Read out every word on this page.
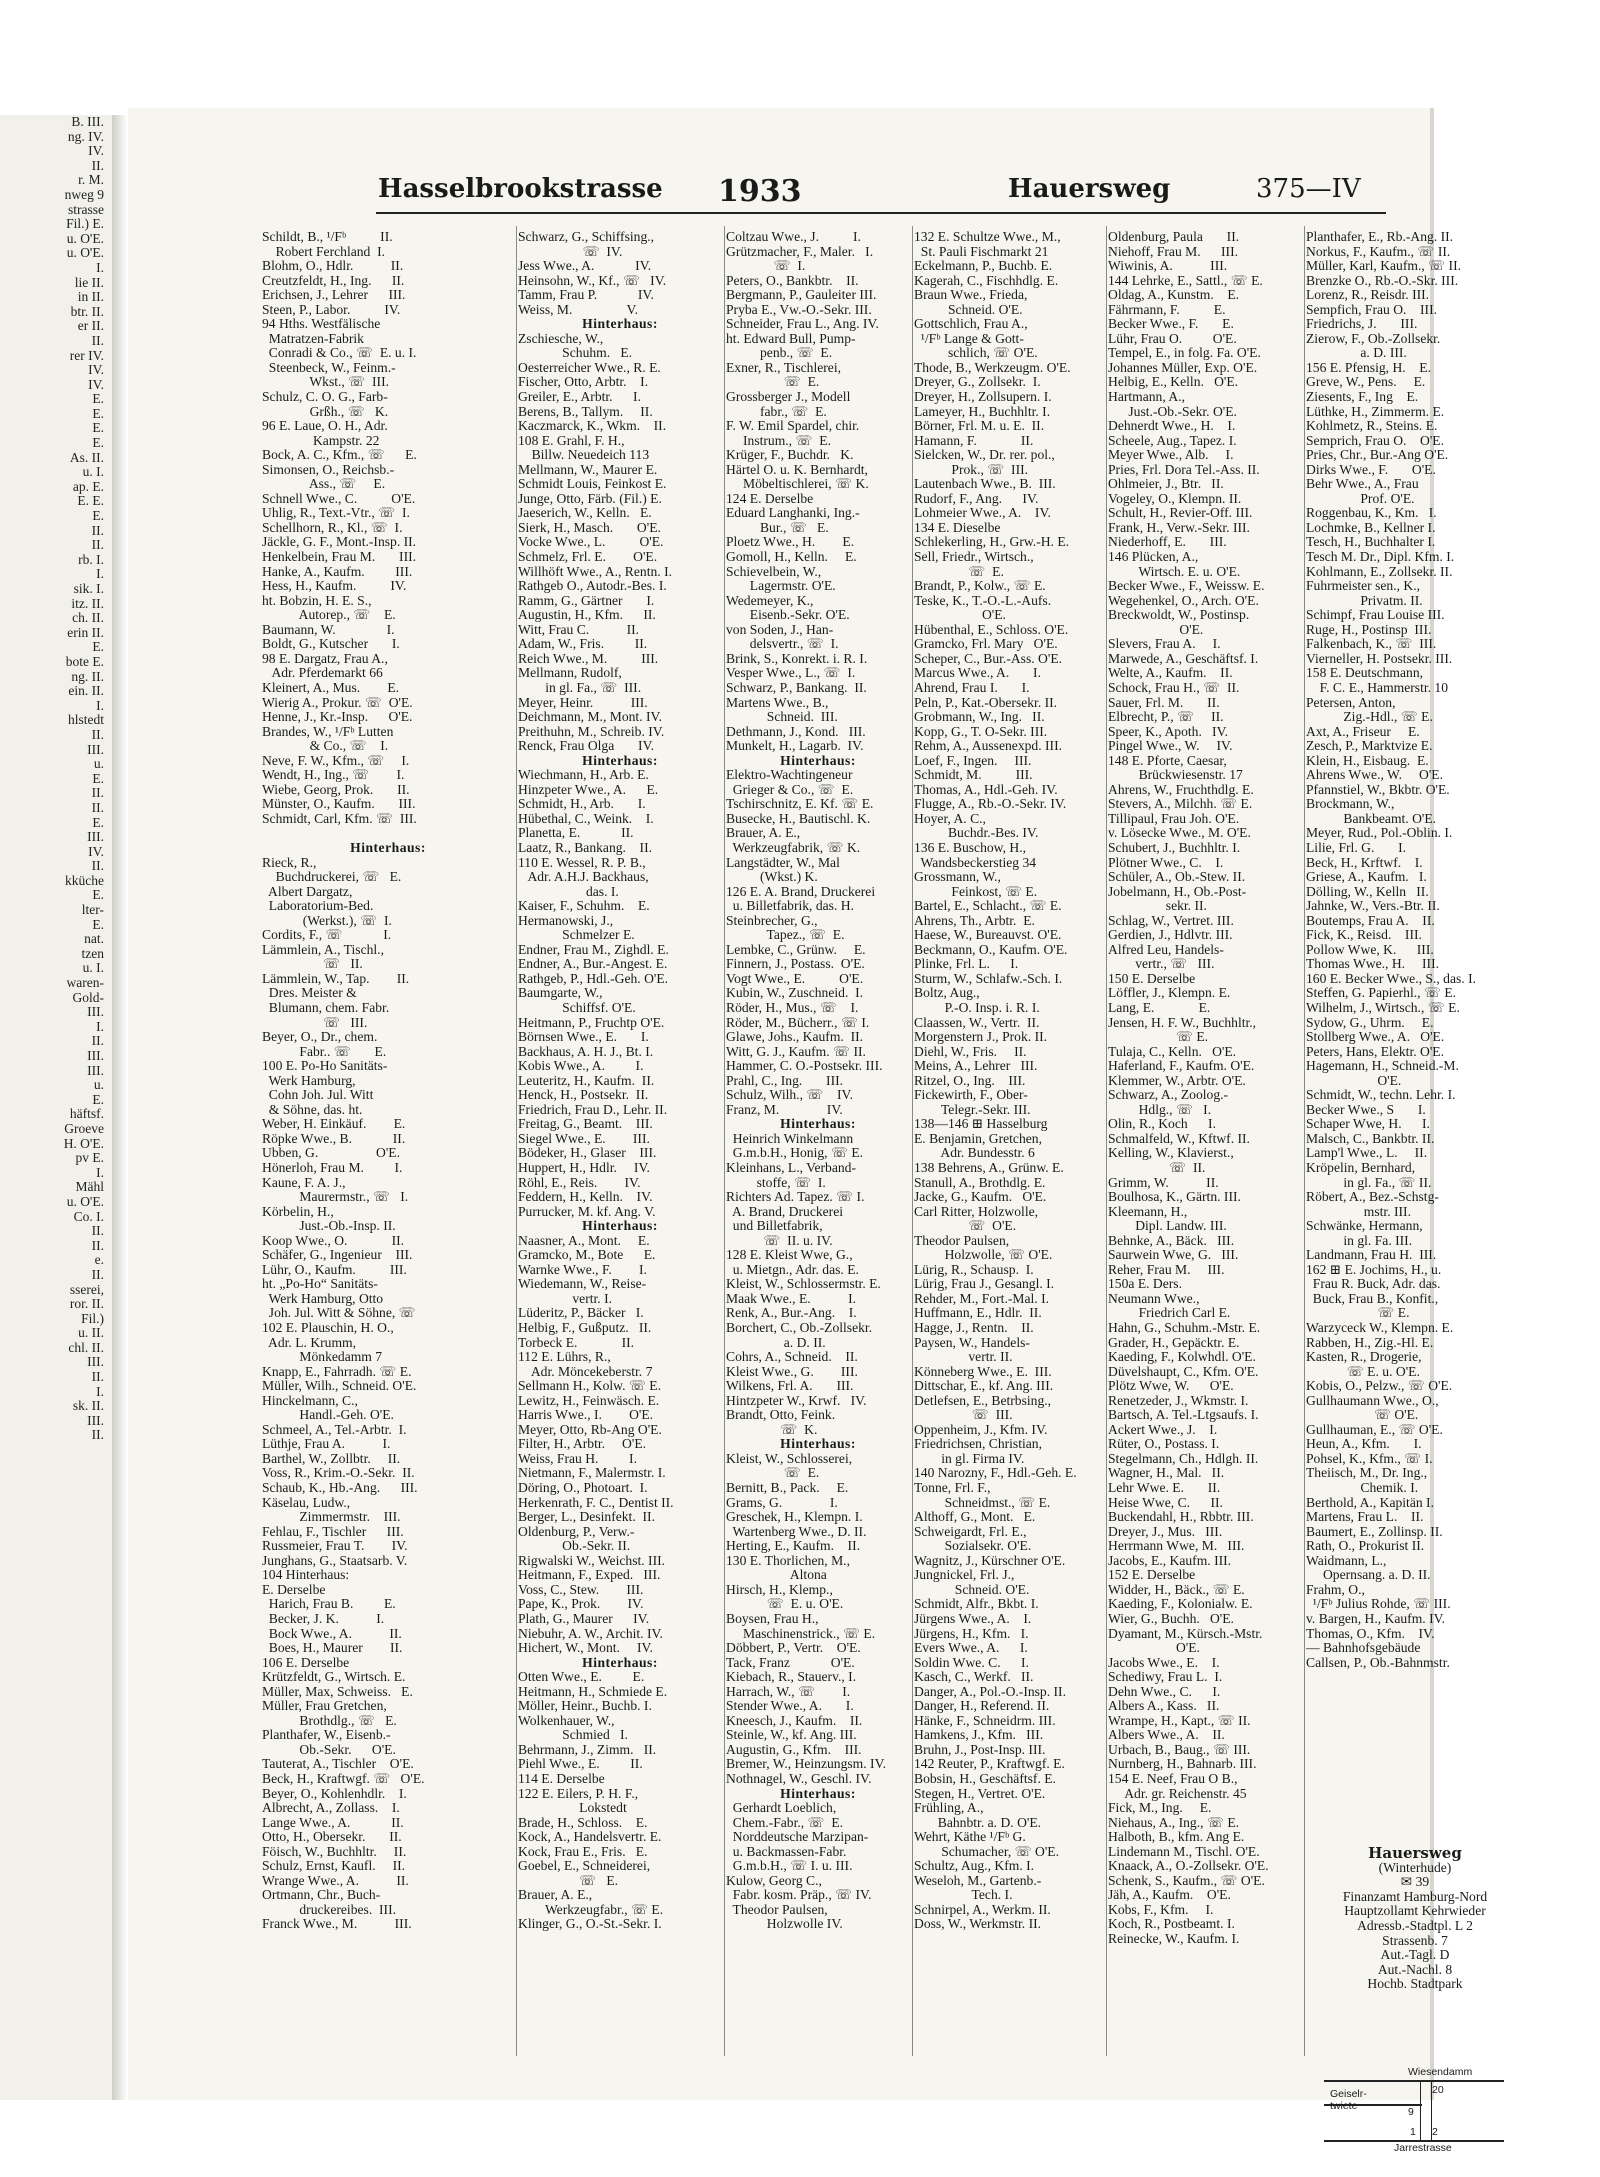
B. III.
ng. IV.
IV.
II.
r. M.
nweg 9
strasse
Fil.) E.
u. O'E.
u. O'E.
I.
lie II.
in II.
btr. II.
er II.
II.
rer IV.
IV.
IV.
E.
E.
E.
E.
As. II.
u. I.
ap. E.
E. E.
E.
II.
II.
rb. I.
I.
sik. I.
itz. II.
ch. II.
erin II.
E.
bote E.
ng. II.
ein. II.
I.
hlstedt
II.
III.
u.
E.
II.
II.
E.
III.
IV.
II.
kküche
E.
lter-
E.
nat.
tzen
u. I.
waren-
Gold-
III.
I.
II.
III.
III.
u.
E.
häftsf.
Groeve
H. O'E.
pv E.
I.
Mähl
u. O'E.
Co. I.
II.
II.
e.
II.
sserei,
ror. II.
Fil.)
u. II.
chl. II.
III.
II.
I.
sk. II.
III.
II.
Hasselbrookstrasse 1933	Hauersweg	375—IV
Schildt, B., ¹/Fᵇ          II.
Robert Ferchland  I.
Blohm, O., Hdlr.           II.
Creutzfeldt, H., Ing.      II.
Erichsen, J., Lehrer      III.
Steen, P., Labor.          IV.
94 Hths. Westfälische
Matratzen-Fabrik
Conradi & Co., ☏  E. u. I.
Steenbeck, W., Feinm.-
Wkst., ☏  III.
Schulz, C. O. G., Farb-
Grßh., ☏   K.
96 E. Laue, O. H., Adr.
Kampstr. 22
Bock, A. C., Kfm., ☏      E.
Simonsen, O., Reichsb.-
Ass., ☏     E.
Schnell Wwe., C.          O'E.
Uhlig, R., Text.-Vtr., ☏  I.
Schellhorn, R., Kl., ☏  I.
Jäckle, G. F., Mont.-Insp. II.
Henkelbein, Frau M.       III.
Hanke, A., Kaufm.         III.
Hess, H., Kaufm.          IV.
ht. Bobzin, H. E. S.,
Autorep., ☏    E.
Baumann, W.               I.
Boldt, G., Kutscher       I.
98 E. Dargatz, Frau A.,
Adr. Pferdemarkt 66
Kleinert, A., Mus.        E.
Wierig A., Prokur. ☏  O'E.
Henne, J., Kr.-Insp.      O'E.
Brandes, W., ¹/Fᵇ Lutten
& Co., ☏    I.
Neve, F. W., Kfm., ☏     I.
Wendt, H., Ing., ☏        I.
Wiebe, Georg, Prok.       II.
Münster, O., Kaufm.       III.
Schmidt, Carl, Kfm. ☏  III.
Hinterhaus:
Rieck, R.,
Buchdruckerei, ☏   E.
Albert Dargatz,
Laboratorium-Bed.
(Werkst.), ☏  I.
Cordits, F., ☏            I.
Lämmlein, A., Tischl.,
☏   II.
Lämmlein, W., Tap.        II.
Dres. Meister &
Blumann, chem. Fabr.
☏   III.
Beyer, O., Dr., chem.
Fabr.. ☏       E.
100 E. Po-Ho Sanitäts-
Werk Hamburg,
Cohn Joh. Jul. Witt
& Söhne, das. ht.
Weber, H. Einkäuf.        E.
Röpke Wwe., B.            II.
Ubben, G.                 O'E.
Hönerloh, Frau M.         I.
Kaune, F. A. J.,
Maurermstr., ☏   I.
Körbelin, H.,
Just.-Ob.-Insp. II.
Koop Wwe., O.             II.
Schäfer, G., Ingenieur    III.
Lühr, O., Kaufm.          III.
ht. „Po-Ho“ Sanitäts-
Werk Hamburg, Otto
Joh. Jul. Witt & Söhne, ☏
102 E. Plauschin, H. O.,
Adr. L. Krumm,
Mönkedamm 7
Knapp, E., Fahrradh. ☏ E.
Müller, Wilh., Schneid. O'E.
Hinckelmann, C.,
Handl.-Geh. O'E.
Schmeel, A., Tel.-Arbtr.  I.
Lüthje, Frau A.           I.
Barthel, W., Zollbtr.     II.
Voss, R., Krim.-O.-Sekr.  II.
Schaub, K., Hb.-Ang.      III.
Käselau, Ludw.,
Zimmermstr.    III.
Fehlau, F., Tischler      III.
Russmeier, Frau T.        IV.
Junghans, G., Staatsarb. V.
104 Hinterhaus:
E. Derselbe
Harich, Frau B.         E.
Becker, J. K.           I.
Bock Wwe., A.           II.
Boes, H., Maurer        II.
106 E. Derselbe
Krützfeldt, G., Wirtsch. E.
Müller, Max, Schweiss.   E.
Müller, Frau Gretchen,
Brothdlg., ☏   E.
Planthafer, W., Eisenb.-
Ob.-Sekr.      O'E.
Tauterat, A., Tischler    O'E.
Beck, H., Kraftwgf. ☏   O'E.
Beyer, O., Kohlenhdlr.    I.
Albrecht, A., Zollass.    I.
Lange Wwe., A.            II.
Otto, H., Obersekr.       II.
Föisch, W., Buchhltr.     II.
Schulz, Ernst, Kaufl.     II.
Wrange Wwe., A.           II.
Ortmann, Chr., Buch-
druckereibes.  III.
Franck Wwe., M.           III.
Schwarz, G., Schiffsing.,
☏  IV.
Jess Wwe., A.            IV.
Heinsohn, W., Kf., ☏   IV.
Tamm, Frau P.            IV.
Weiss, M.                V.
Hinterhaus:
Zschiesche, W.,
Schuhm.   E.
Oesterreicher Wwe., R. E.
Fischer, Otto, Arbtr.    I.
Greiler, E., Arbtr.      I.
Berens, B., Tallym.     II.
Kaczmarck, K., Wkm.    II.
108 E. Grahl, F. H.,
Billw. Neuedeich 113
Mellmann, W., Maurer E.
Schmidt Louis, Feinkost E.
Junge, Otto, Färb. (Fil.) E.
Jaeserich, W., Kelln.   E.
Sierk, H., Masch.       O'E.
Vocke Wwe., L.          O'E.
Schmelz, Frl. E.        O'E.
Willhöft Wwe., A., Rentn. I.
Rathgeb O., Autodr.-Bes. I.
Ramm, G., Gärtner       I.
Augustin, H., Kfm.      II.
Witt, Frau C.           II.
Adam, W., Fris.         II.
Reich Wwe., M.          III.
Mellmann, Rudolf,
in gl. Fa., ☏  III.
Meyer, Heinr.           III.
Deichmann, M., Mont. IV.
Preithuhn, M., Schreib. IV.
Renck, Frau Olga       IV.
Hinterhaus:
Wiechmann, H., Arb. E.
Hinzpeter Wwe., A.      E.
Schmidt, H., Arb.       I.
Hübethal, C., Weink.    I.
Planetta, E.            II.
Laatz, R., Bankang.    II.
110 E. Wessel, R. P. B.,
Adr. A.H.J. Backhaus,
das. I.
Kaiser, F., Schuhm.    E.
Hermanowski, J.,
Schmelzer E.
Endner, Frau M., Zighdl. E.
Endner, A., Bur.-Angest. E.
Rathgeb, P., Hdl.-Geh. O'E.
Baumgarte, W.,
Schiffsf. O'E.
Heitmann, P., Fruchtp O'E.
Börnsen Wwe., E.       I.
Backhaus, A. H. J., Bt. I.
Kobis Wwe., A.         I.
Leuteritz, H., Kaufm.  II.
Henck, H., Postsekr.  II.
Friedrich, Frau D., Lehr. II.
Freitag, G., Beamt.    III.
Siegel Wwe., E.        III.
Bödeker, H., Glaser    III.
Huppert, H., Hdlr.     IV.
Röhl, E., Reis.        IV.
Feddern, H., Kelln.    IV.
Purrucker, M. kf. Ang. V.
Hinterhaus:
Naasner, A., Mont.     E.
Gramcko, M., Bote      E.
Warnke Wwe., F.        I.
Wiedemann, W., Reise-
vertr. I.
Lüderitz, P., Bäcker   I.
Helbig, F., Gußputz.   II.
Torbeck E.             II.
112 E. Lührs, R.,
Adr. Möncekeberstr. 7
Sellmann H., Kolw. ☏ E.
Lewitz, H., Feinwäsch. E.
Harris Wwe., I.        O'E.
Meyer, Otto, Rb-Ang O'E.
Filter, H., Arbtr.     O'E.
Weiss, Frau H.         I.
Nietmann, F., Malermstr. I.
Döring, O., Photoart.  I.
Herkenrath, F. C., Dentist II.
Berger, L., Desinfekt.  II.
Oldenburg, P., Verw.-
Ob.-Sekr. II.
Rigwalski W., Weichst. III.
Heitmann, F., Exped.   III.
Voss, C., Stew.        III.
Pape, K., Prok.        IV.
Plath, G., Maurer      IV.
Niebuhr, A. W., Archit. IV.
Hichert, W., Mont.     IV.
Hinterhaus:
Otten Wwe., E.         E.
Heitmann, H., Schmiede E.
Möller, Heinr., Buchb. I.
Wolkenhauer, W.,
Schmied   I.
Behrmann, J., Zimm.   II.
Piehl Wwe., E.         II.
114 E. Derselbe
122 E. Eilers, P. H. F.,
Lokstedt
Brade, H., Schloss.    E.
Kock, A., Handelsvertr. E.
Kock, Frau E., Fris.   E.
Goebel, E., Schneiderei,
☏   E.
Brauer, A. E.,
Werkzeugfabr., ☏ E.
Klinger, G., O.-St.-Sekr. I.
Coltzau Wwe., J.          I.
Grützmacher, F., Maler.   I.
☏  I.
Peters, O., Bankbtr.    II.
Bergmann, P., Gauleiter III.
Pryba E., Vw.-O.-Sekr. III.
Schneider, Frau L., Ang. IV.
ht. Edward Bull, Pump-
penb., ☏  E.
Exner, R., Tischlerei,
☏  E.
Grossberger J., Modell
fabr., ☏  E.
F. W. Emil Spardel, chir.
Instrum., ☏  E.
Krüger, F., Buchdr.   K.
Härtel O. u. K. Bernhardt,
Möbeltischlerei, ☏ K.
124 E. Derselbe
Eduard Langhanki, Ing.-
Bur., ☏   E.
Ploetz Wwe., H.        E.
Gomoll, H., Kelln.     E.
Schievelbein, W.,
Lagermstr. O'E.
Wedemeyer, K.,
Eisenb.-Sekr. O'E.
von Soden, J., Han-
delsvertr., ☏  I.
Brink, S., Konrekt. i. R. I.
Vesper Wwe., L., ☏  I.
Schwarz, P., Bankang.  II.
Martens Wwe., B.,
Schneid.  III.
Dethmann, J., Kond.   III.
Munkelt, H., Lagarb.  IV.
Hinterhaus:
Elektro-Wachtingeneur
Grieger & Co., ☏  E.
Tschirschnitz, E. Kf. ☏ E.
Busecke, H., Bautischl. K.
Brauer, A. E.,
Werkzeugfabrik, ☏ K.
Langstädter, W., Mal
(Wkst.) K.
126 E. A. Brand, Druckerei
u. Billetfabrik, das. H.
Steinbrecher, G.,
Tapez., ☏  E.
Lembke, C., Grünw.     E.
Finnern, J., Postass.  O'E.
Vogt Wwe., E.          O'E.
Kubin, W., Zuschneid.  I.
Röder, H., Mus., ☏    I.
Röder, M., Bücherr., ☏ I.
Glawe, Johs., Kaufm.  II.
Witt, G. J., Kaufm. ☏ II.
Hammer, C. O.-Postsekr. III.
Prahl, C., Ing.       III.
Schulz, Wilh., ☏    IV.
Franz, M.              IV.
Hinterhaus:
Heinrich Winkelmann
G.m.b.H., Honig, ☏ E.
Kleinhans, L., Verband-
stoffe, ☏  I.
Richters Ad. Tapez. ☏ I.
A. Brand, Druckerei
und Billetfabrik,
☏  II. u. IV.
128 E. Kleist Wwe, G.,
u. Mietgn., Adr. das. E.
Kleist, W., Schlossermstr. E.
Maak Wwe., E.           I.
Renk, A., Bur.-Ang.    I.
Borchert, C., Ob.-Zollsekr.
a. D. II.
Cohrs, A., Schneid.    II.
Kleist Wwe., G.        III.
Wilkens, Frl. A.       III.
Hintzpeter W., Krwf.   IV.
Brandt, Otto, Feink.
☏  K.
Hinterhaus:
Kleist, W., Schlosserei,
☏  E.
Bernitt, B., Pack.     E.
Grams, G.              I.
Greschek, H., Klempn. I.
Wartenberg Wwe., D. II.
Herting, E., Kaufm.    II.
130 E. Thorlichen, M.,
Altona
Hirsch, H., Klemp.,
☏  E. u. O'E.
Boysen, Frau H.,
Maschinenstrick., ☏ E.
Döbbert, P., Vertr.    O'E.
Tack, Franz            O'E.
Kiebach, R., Stauerv., I.
Harrach, W., ☏        I.
Stender Wwe., A.       I.
Kneesch, J., Kaufm.    II.
Steinle, W., kf. Ang. III.
Augustin, G., Kfm.    III.
Bremer, W., Heinzungsm. IV.
Nothnagel, W., Geschl. IV.
Hinterhaus:
Gerhardt Loeblich,
Chem.-Fabr., ☏  E.
Norddeutsche Marzipan-
u. Backmassen-Fabr.
G.m.b.H., ☏ I. u. III.
Kulow, Georg C.,
Fabr. kosm. Präp., ☏ IV.
Theodor Paulsen,
Holzwolle IV.
132 E. Schultze Wwe., M.,
St. Pauli Fischmarkt 21
Eckelmann, P., Buchb. E.
Kagerah, C., Fischhdlg. E.
Braun Wwe., Frieda,
Schneid. O'E.
Gottschlich, Frau A.,
¹/Fᵇ Lange & Gott-
schlich, ☏ O'E.
Thode, B., Werkzeugm. O'E.
Dreyer, G., Zollsekr.  I.
Dreyer, H., Zollsupern. I.
Lameyer, H., Buchhltr. I.
Börner, Frl. M. u. E.  II.
Hamann, F.             II.
Sielcken, W., Dr. rer. pol.,
Prok., ☏  III.
Lautenbach Wwe., B.  III.
Rudorf, F., Ang.      IV.
Lohmeier Wwe., A.    IV.
134 E. Dieselbe
Schlekerling, H., Grw.-H. E.
Sell, Friedr., Wirtsch.,
☏  E.
Brandt, P., Kolw., ☏ E.
Teske, K., T.-O.-L.-Aufs.
O'E.
Hübenthal, E., Schloss. O'E.
Gramcko, Frl. Mary   O'E.
Scheper, C., Bur.-Ass. O'E.
Marcus Wwe., A.       I.
Ahrend, Frau I.       I.
Peln, P., Kat.-Obersekr. II.
Grobmann, W., Ing.   II.
Kopp, G., T. O-Sekr. III.
Rehm, A., Aussenexpd. III.
Loef, F., Ingen.     III.
Schmidt, M.          III.
Thomas, A., Hdl.-Geh. IV.
Flugge, A., Rb.-O.-Sekr. IV.
Hoyer, A. C.,
Buchdr.-Bes. IV.
136 E. Buschow, H.,
Wandsbeckerstieg 34
Grossmann, W.,
Feinkost, ☏ E.
Bartel, E., Schlacht., ☏ E.
Ahrens, Th., Arbtr.  E.
Haese, W., Bureauvst. O'E.
Beckmann, O., Kaufm. O'E.
Plinke, Frl. L.      I.
Sturm, W., Schlafw.-Sch. I.
Boltz, Aug.,
P.-O. Insp. i. R. I.
Claassen, W., Vertr.  II.
Morgenstern J., Prok. II.
Diehl, W., Fris.     II.
Meins, A., Lehrer   III.
Ritzel, O., Ing.    III.
Fickewirth, F., Ober-
Telegr.-Sekr. III.
138—146 ⊞ Hasselburg
E. Benjamin, Gretchen,
Adr. Bundesstr. 6
138 Behrens, A., Grünw. E.
Stanull, A., Brothdlg. E.
Jacke, G., Kaufm.   O'E.
Carl Ritter, Holzwolle,
☏  O'E.
Theodor Paulsen,
Holzwolle, ☏ O'E.
Lürig, R., Schausp.  I.
Lürig, Frau J., Gesangl. I.
Rehder, M., Fort.-Mal. I.
Huffmann, E., Hdlr.  II.
Hagge, J., Rentn.    II.
Paysen, W., Handels-
vertr. II.
Könneberg Wwe., E.  III.
Dittschar, E., kf. Ang. III.
Detlefsen, E., Betrbsing.,
☏  III.
Oppenheim, J., Kfm. IV.
Friedrichsen, Christian,
in gl. Firma IV.
140 Narozny, F., Hdl.-Geh. E.
Tonne, Frl. F.,
Schneidmst., ☏ E.
Althoff, G., Mont.   E.
Schweigardt, Frl. E.,
Sozialsekr. O'E.
Wagnitz, J., Kürschner O'E.
Jungnickel, Frl. J.,
Schneid. O'E.
Schmidt, Alfr., Bkbt. I.
Jürgens Wwe., A.    I.
Jürgens, H., Kfm.   I.
Evers Wwe., A.      I.
Soldin Wwe. C.      I.
Kasch, C., Werkf.   II.
Danger, A., Pol.-O.-Insp. II.
Danger, H., Referend. II.
Hänke, F., Schneidrm. III.
Hamkens, J., Kfm.   III.
Bruhn, J., Post-Insp. III.
142 Reuter, P., Kraftwgf. E.
Bobsin, H., Geschäftsf. E.
Stegen, H., Vertret. O'E.
Frühling, A.,
Bahnbtr. a. D. O'E.
Wehrt, Käthe ¹/Fᵇ G.
Schumacher, ☏ O'E.
Schultz, Aug., Kfm. I.
Weseloh, M., Gartenb.-
Tech. I.
Schnirpel, A., Werkm. II.
Doss, W., Werkmstr. II.
Oldenburg, Paula       II.
Niehoff, Frau M.      III.
Wiwinis, A.           III.
144 Lehrke, E., Sattl., ☏ E.
Oldag, A., Kunstm.    E.
Fährmann, F.          E.
Becker Wwe., F.       E.
Lühr, Frau O.         O'E.
Tempel, E., in folg. Fa. O'E.
Johannes Müller, Exp. O'E.
Helbig, E., Kelln.   O'E.
Hartmann, A.,
Just.-Ob.-Sekr. O'E.
Dehnerdt Wwe., H.    I.
Scheele, Aug., Tapez. I.
Meyer Wwe., Alb.     I.
Pries, Frl. Dora Tel.-Ass. II.
Ohlmeier, J., Btr.   II.
Vogeley, O., Klempn. II.
Schult, H., Revier-Off. III.
Frank, H., Verw.-Sekr. III.
Niederhoff, E.       III.
146 Plücken, A.,
Wirtsch. E. u. O'E.
Becker Wwe., F., Weissw. E.
Wegehenkel, O., Arch. O'E.
Breckwoldt, W., Postinsp.
O'E.
Slevers, Frau A.     I.
Marwede, A., Geschäftsf. I.
Welte, A., Kaufm.    II.
Schock, Frau H., ☏  II.
Sauer, Frl. M.       II.
Elbrecht, P., ☏     II.
Speer, K., Apoth.   IV.
Pingel Wwe., W.     IV.
148 E. Pforte, Caesar,
Brückwiesenstr. 17
Ahrens, W., Fruchthdlg. E.
Stevers, A., Milchh. ☏ E.
Tillipaul, Frau Joh. O'E.
v. Lösecke Wwe., M. O'E.
Schubert, J., Buchhltr. I.
Plötner Wwe., C.    I.
Schüler, A., Ob.-Stew. II.
Jobelmann, H., Ob.-Post-
sekr. II.
Schlag, W., Vertret. III.
Gerdien, J., Hdlvtr. III.
Alfred Leu, Handels-
vertr., ☏   III.
150 E. Derselbe
Löffler, J., Klempn. E.
Lang, E.             E.
Jensen, H. F. W., Buchhltr.,
☏ E.
Tulaja, C., Kelln.   O'E.
Haferland, F., Kaufm. O'E.
Klemmer, W., Arbtr. O'E.
Schwarz, A., Zoolog.-
Hdlg., ☏   I.
Olin, R., Koch      I.
Schmalfeld, W., Kftwf. II.
Kelling, W., Klavierst.,
☏  II.
Grimm, W.           II.
Boulhosa, K., Gärtn. III.
Kleemann, H.,
Dipl. Landw. III.
Behnke, A., Bäck.   III.
Saurwein Wwe, G.   III.
Reher, Frau M.     III.
150a E. Ders.
Neumann Wwe.,
Friedrich Carl E.
Hahn, G., Schuhm.-Mstr. E.
Grader, H., Gepäcktr. E.
Kaeding, F., Kolwhdl. O'E.
Düvelshaupt, C., Kfm. O'E.
Plötz Wwe, W.      O'E.
Renetzeder, J., Wkmstr. I.
Bartsch, A. Tel.-Ltgsaufs. I.
Ackert Wwe., J.    I.
Rüter, O., Postass. I.
Stegelmann, Ch., Hdlgh. II.
Wagner, H., Mal.   II.
Lehr Wwe. E.       II.
Heise Wwe, C.      II.
Buckendahl, H., Rbbtr. III.
Dreyer, J., Mus.   III.
Herrmann Wwe, M.   III.
Jacobs, E., Kaufm. III.
152 E. Derselbe
Widder, H., Bäck., ☏ E.
Kaeding, F., Kolonialw. E.
Wier, G., Buchh.   O'E.
Dyamant, M., Kürsch.-Mstr.
O'E.
Jacobs Wwe., E.    I.
Schediwy, Frau L.  I.
Dehn Wwe., C.      I.
Albers A., Kass.   II.
Wrampe, H., Kapt., ☏ II.
Albers Wwe., A.    II.
Urbach, B., Baug., ☏ III.
Nurnberg, H., Bahnarb. III.
154 E. Neef, Frau O B.,
Adr. gr. Reichenstr. 45
Fick, M., Ing.     E.
Niehaus, A., Ing., ☏ E.
Halboth, B., kfm. Ang E.
Lindemann M., Tischl. O'E.
Knaack, A., O.-Zollsekr. O'E.
Schenk, S., Kaufm., ☏ O'E.
Jäh, A., Kaufm.    O'E.
Kobs, F., Kfm.     I.
Koch, R., Postbeamt. I.
Reinecke, W., Kaufm. I.
Planthafer, E., Rb.-Ang. II.
Norkus, F., Kaufm., ☏ II.
Müller, Karl, Kaufm., ☏ II.
Brenzke O., Rb.-O.-Skr. III.
Lorenz, R., Reisdr. III.
Sempfich, Frau O.    III.
Friedrichs, J.       III.
Zierow, F., Ob.-Zollsekr.
a. D. III.
156 E. Pfensig, H.    E.
Greve, W., Pens.     E.
Ziesents, F., Ing    E.
Lüthke, H., Zimmerm. E.
Kohlmetz, R., Steins. E.
Semprich, Frau O.    O'E.
Pries, Chr., Bur.-Ang O'E.
Dirks Wwe., F.       O'E.
Behr Wwe., A., Frau
Prof. O'E.
Roggenbau, K., Km.   I.
Lochmke, B., Kellner I.
Tesch, H., Buchhalter I.
Tesch M. Dr., Dipl. Kfm. I.
Kohlmann, E., Zollsekr. II.
Fuhrmeister sen., K.,
Privatm. II.
Schimpf, Frau Louise III.
Ruge, H., Postinsp  III.
Falkenbach, K., ☏  III.
Vierneller, H. Postsekr. III.
158 E. Deutschmann,
F. C. E., Hammerstr. 10
Petersen, Anton,
Zig.-Hdl., ☏ E.
Axt, A., Friseur     E.
Zesch, P., Marktvize E.
Klein, H., Eisbaug.  E.
Ahrens Wwe., W.     O'E.
Pfannstiel, W., Bkbtr. O'E.
Brockmann, W.,
Bankbeamt. O'E.
Meyer, Rud., Pol.-Oblin. I.
Lilie, Frl. G.       I.
Beck, H., Krftwf.    I.
Griese, A., Kaufm.   I.
Dölling, W., Kelln   II.
Jahnke, W., Vers.-Btr. II.
Boutemps, Frau A.    II.
Fick, K., Reisd.    III.
Pollow Wwe, K.      III.
Thomas Wwe., H.     III.
160 E. Becker Wwe., S., das. I.
Steffen, G. Papierhl., ☏ E.
Wilhelm, J., Wirtsch., ☏ E.
Sydow, G., Uhrm.     E.
Stollberg Wwe., A.   O'E.
Peters, Hans, Elektr. O'E.
Hagemann, H., Schneid.-M.
O'E.
Schmidt, W., techn. Lehr. I.
Becker Wwe., S       I.
Schaper Wwe, H.      I.
Malsch, C., Bankbtr. II.
Lamp'l Wwe., L.     II.
Kröpelin, Bernhard,
in gl. Fa., ☏ II.
Röbert, A., Bez.-Schstg-
mstr. III.
Schwänke, Hermann,
in gl. Fa. III.
Landmann, Frau H.  III.
162 ⊞ E. Jochims, H., u.
Frau R. Buck, Adr. das.
Buck, Frau B., Konfit.,
☏ E.
Warzyceck W., Klempn. E.
Rabben, H., Zig.-Hl. E.
Kasten, R., Drogerie,
☏ E. u. O'E.
Kobis, O., Pelzw., ☏ O'E.
Gullhaumann Wwe., O.,
☏ O'E.
Gullhauman, E., ☏ O'E.
Heun, A., Kfm.       I.
Pohsel, K., Kfm., ☏ I.
Theiisch, M., Dr. Ing.,
Chemik. I.
Berthold, A., Kapitän I.
Martens, Frau L.    II.
Baumert, E., Zollinsp. II.
Rath, O., Prokurist II.
Waidmann, L.,
Opernsang. a. D. II.
Frahm, O.,
¹/Fᵇ Julius Rohde, ☏ III.
v. Bargen, H., Kaufm. IV.
Thomas, O., Kfm.    IV.
— Bahnhofsgebäude
Callsen, P., Ob.-Bahnmstr.
Hauersweg
(Winterhude)
✉ 39
Finanzamt Hamburg-Nord
Hauptzollamt Kehrwieder
Adressb.-Stadtpl. L 2
Strassenb. 7
Aut.-Tagl. D
Aut.-Nachl. 8
Hochb. Stadtpark
Wiesendamm
Geiselr-
twiete
Jarrestrasse
20
9
1 2
